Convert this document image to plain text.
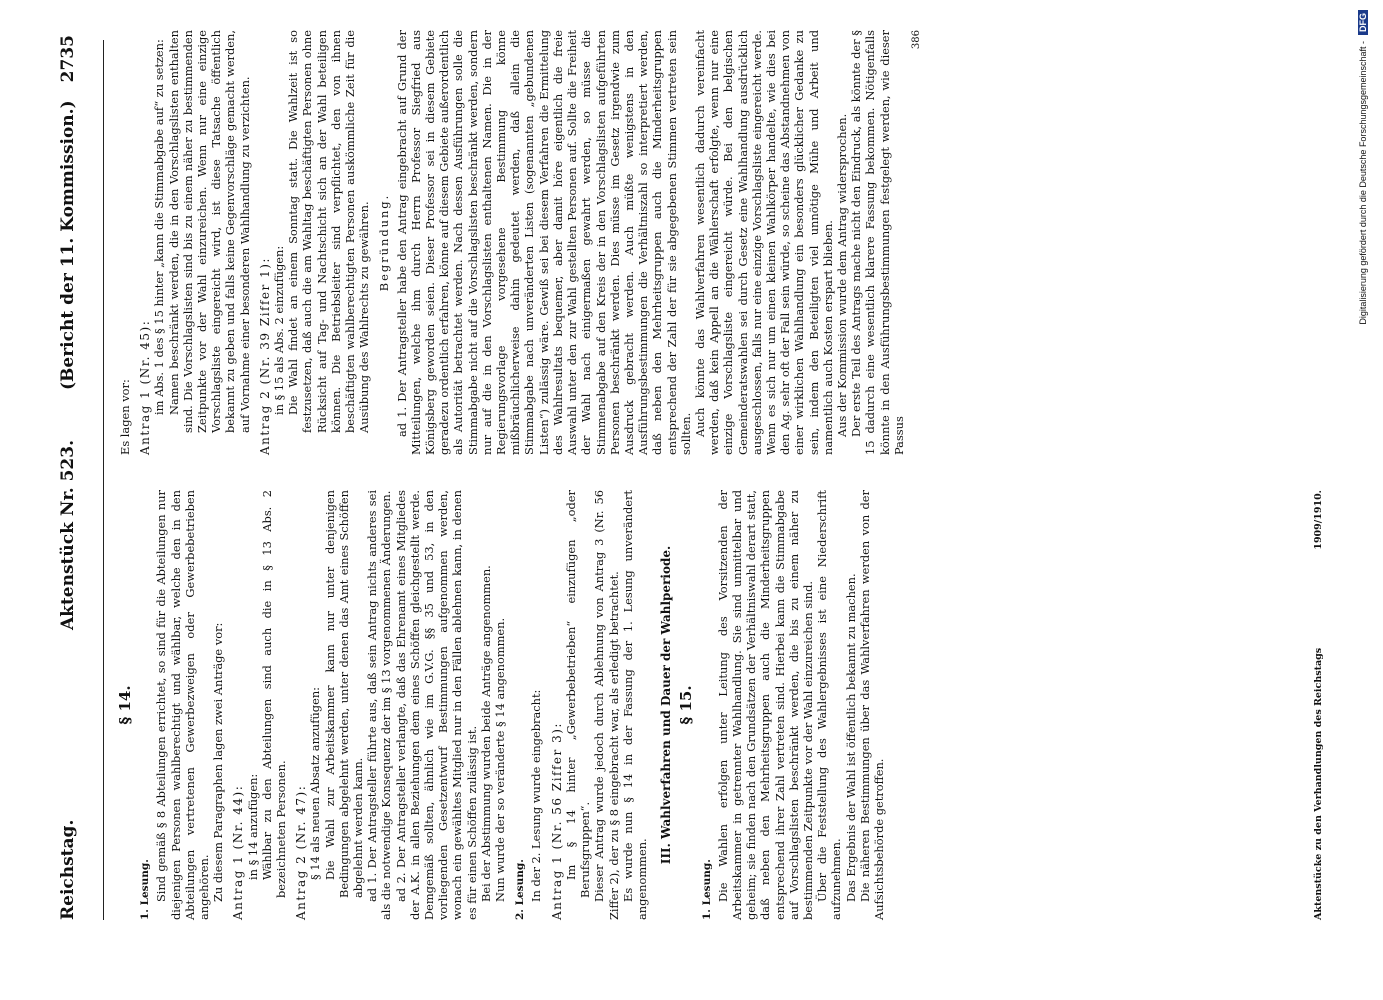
Reichstag.
Aktenstück Nr. 523.
(Bericht der 11. Kommission.)
2735
§ 14.
1. Lesung. Sind gemäß § 8 Abteilungen errichtet, so sind für die Abteilungen nur diejenigen Personen wahlberechtigt und wählbar, welche den in den Abteilungen vertretenen Gewerbezweigen oder Gewerbebetrieben angehören. Zu diesem Paragraphen lagen zwei Anträge vor: Antrag 1 (Nr. 44): in § 14 anzufügen: Wählbar zu den Abteilungen sind auch die in § 13 Abs. 2 bezeichneten Personen. Antrag 2 (Nr. 47): § 14 als neuen Absatz anzufügen: Die Wahl zur Arbeitskammer kann nur unter denjenigen Bedingungen abgelehnt werden, unter denen das Amt eines Schöffen abgelehnt werden kann. ad 1. Der Antragsteller führte aus, daß sein Antrag nichts anderes sei als die notwendige Konsequenz der im § 13 vorgenommenen Änderungen. ad 2. Der Antragsteller verlangte, daß das Ehrenamt eines Mitgliedes der A.K. in allen Beziehungen dem eines Schöffen gleichgestellt werde. Demgemäß sollten, ähnlich wie im G.V.G. §§ 35 und 53, in den vorliegenden Gesetzentwurf Bestimmungen aufgenommen werden, wonach ein gewähltes Mitglied nur in den Fällen ablehnen kann, in denen es für einen Schöffen zulässig ist. Bei der Abstimmung wurden beide Anträge angenommen. Nun wurde der so veränderte § 14 angenommen. 2. Lesung. In der 2. Lesung wurde eingebracht: Antrag 1 (Nr. 56 Ziffer 3): Im § 14 hinter „Gewerbebetrieben“ einzufügen „oder Berufsgruppen“. Dieser Antrag wurde jedoch durch Ablehnung von Antrag 3 (Nr. 56 Ziffer 2), der zu § 8 eingebracht war, als erledigt betrachtet. Es wurde nun § 14 in der Fassung der 1. Lesung unverändert angenommen.

III. Wahlverfahren und Dauer der Wahlperiode. § 15.
1. Lesung. Die Wahlen erfolgen unter Leitung des Vorsitzenden der Arbeitskammer in getrennter Wahlhandlung. Sie sind unmittelbar und geheim; sie finden nach den Grundsätzen der Verhältniswahl derart statt, daß neben den Mehrheitsgruppen auch die Minderheitsgruppen entsprechend ihrer Zahl vertreten sind. Hierbei kann die Stimmabgabe auf Vorschlagslisten beschränkt werden, die bis zu einem näher zu bestimmenden Zeitpunkte vor der Wahl einzureichen sind. Über die Feststellung des Wahlergebnisses ist eine Niederschrift aufzunehmen. Das Ergebnis der Wahl ist öffentlich bekannt zu machen. Die näheren Bestimmungen über das Wahlverfahren werden von der Aufsichtsbehörde getroffen.

Es lagen vor: Antrag 1 (Nr. 45): im Abs. 1 des § 15 hinter „kann die Stimmabgabe auf“ zu setzen: Namen beschränkt werden, die in den Vorschlagslisten enthalten sind. Die Vorschlagslisten sind bis zu einem näher zu bestimmenden Zeitpunkte vor der Wahl einzureichen. Wenn nur eine einzige Vorschlagsliste eingereicht wird, ist diese Tatsache öffentlich bekannt zu geben und falls keine Gegenvorschläge gemacht werden, auf Vornahme einer besonderen Wahlhandlung zu verzichten. Antrag 2 (Nr. 39 Ziffer 1): in § 15 als Abs. 2 einzufügen: Die Wahl findet an einem Sonntag statt. Die Wahlzeit ist so festzusetzen, daß auch die am Wahltag beschäftigten Personen ohne Rücksicht auf Tag- und Nachtschicht sich an der Wahl beteiligen können. Die Betriebsleiter sind verpflichtet, den von ihnen beschäftigten wahlberechtigten Personen auskömmliche Zeit für die Ausübung des Wahlrechts zu gewähren. Begründung. ad 1. Der Antragsteller habe den Antrag eingebracht auf Grund der Mitteilungen, welche ihm durch Herrn Professor Siegfried aus Königsberg geworden seien. Dieser Professor sei in diesem Gebiete geradezu ordentlich erfahren, könne auf diesem Gebiete außerordentlich als Autorität betrachtet werden. Nach dessen Ausführungen solle die Stimmabgabe nicht auf die Vorschlagslisten beschränkt werden, sondern nur auf die in den Vorschlagslisten enthaltenen Namen. Die in der Regierungsvorlage vorgesehene Bestimmung könne mißbräuchlicherweise dahin gedeutet werden, daß allein die Stimmabgabe nach unveränderten Listen (sogenannten „gebundenen Listen“) zulässig wäre. Gewiß sei bei diesem Verfahren die Ermittelung des Wahlresultats bequemer, aber damit höre eigentlich die freie Auswahl unter den zur Wahl gestellten Personen auf. Sollte die Freiheit der Wahl nach einigermaßen gewahrt werden, so müsse die Stimmenabgabe auf den Kreis der in den Vorschlagslisten aufgeführten Personen beschränkt werden. Dies müsse im Gesetz irgendwie zum Ausdruck gebracht werden. Auch müßte wenigstens in den Ausführungsbestimmungen die Verhältniszahl so interpretiert werden, daß neben den Mehrheitsgruppen auch die Minderheitsgruppen entsprechend der Zahl der für sie abgegebenen Stimmen vertreten sein sollten. Auch könnte das Wahlverfahren wesentlich dadurch vereinfacht werden, daß kein Appell an die Wählerschaft erfolgte, wenn nur eine einzige Vorschlagsliste eingereicht würde. Bei den belgischen Gemeinderatswahlen sei durch Gesetz eine Wahlhandlung ausdrücklich ausgeschlossen, falls nur eine einzige Vorschlagsliste eingereicht werde. Wenn es sich nur um einen kleinen Wahlkörper handelte, wie dies bei den Ag. sehr oft der Fall sein würde, so scheine das Abstandnehmen von einer wirklichen Wahlhandlung ein besonders glücklicher Gedanke zu sein, indem den Beteiligten viel unnötige Mühe und Arbeit und namentlich auch Kosten erspart blieben. Aus der Kommission wurde dem Antrag widersprochen. Der erste Teil des Antrags mache nicht den Eindruck, als könnte der § 15 dadurch eine wesentlich klarere Fassung bekommen. Nötigenfalls könnte in den Ausführungsbestimmungen festgelegt werden, wie dieser Passus

386
Aktenstücke zu den Verhandlungen des Reichstags
1909/1910.
Digitalisierung gefördert durch die Deutsche Forschungsgemeinschaft -DFG
